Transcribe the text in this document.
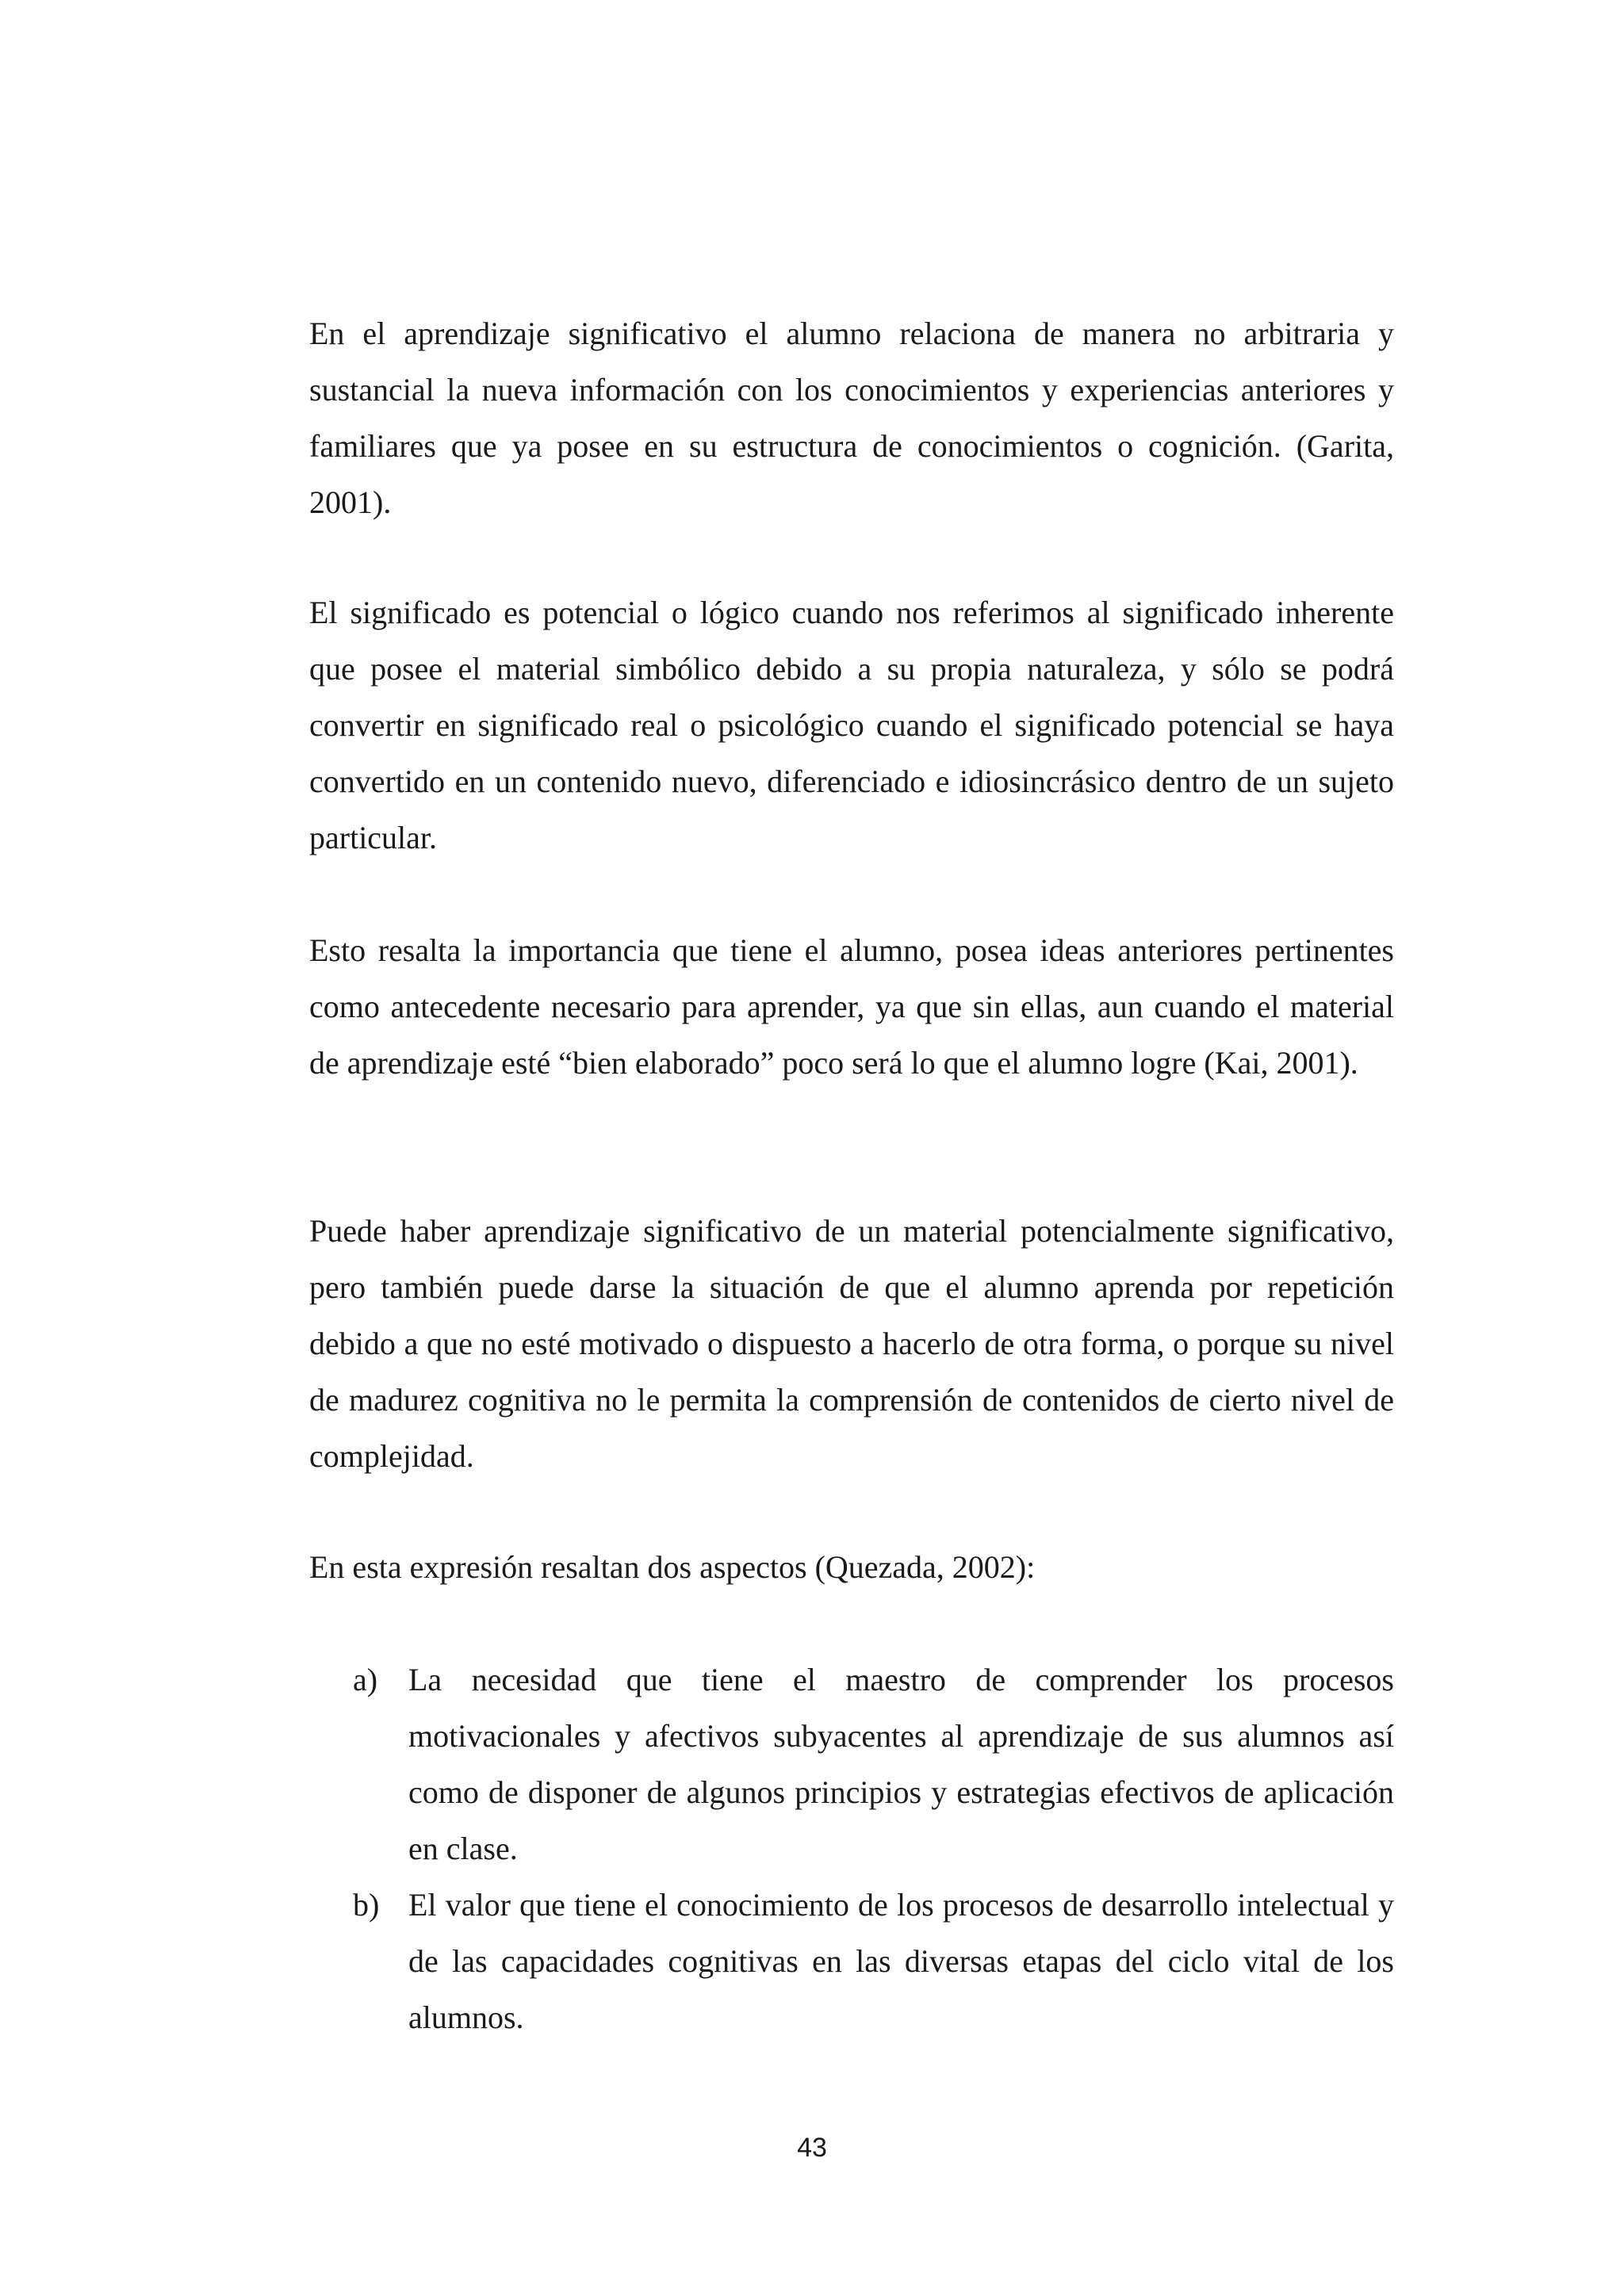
En el aprendizaje significativo el alumno relaciona de manera no arbitraria y sustancial la nueva información con los conocimientos y experiencias anteriores y familiares que ya posee en su estructura de conocimientos o cognición. (Garita, 2001).

El significado es potencial o lógico cuando nos referimos al significado inherente que posee el material simbólico debido a su propia naturaleza, y sólo se podrá convertir en significado real o psicológico cuando el significado potencial se haya convertido en un contenido nuevo, diferenciado e idiosincrásico dentro de un sujeto particular.

Esto resalta la importancia que tiene el alumno, posea ideas anteriores pertinentes como antecedente necesario para aprender, ya que sin ellas, aun cuando el material de aprendizaje esté “bien elaborado” poco será lo que el alumno logre (Kai, 2001).

Puede haber aprendizaje significativo de un material potencialmente significativo, pero también puede darse la situación de que el alumno aprenda por repetición debido a que no esté motivado o dispuesto a hacerlo de otra forma, o porque su nivel de madurez cognitiva no le permita la comprensión de contenidos de cierto nivel de complejidad.

En esta expresión resaltan dos aspectos (Quezada, 2002):

a) La necesidad que tiene el maestro de comprender los procesos motivacionales y afectivos subyacentes al aprendizaje de sus alumnos así como de disponer de algunos principios y estrategias efectivos de aplicación en clase.
b) El valor que tiene el conocimiento de los procesos de desarrollo intelectual y de las capacidades cognitivas en las diversas etapas del ciclo vital de los alumnos.
43
